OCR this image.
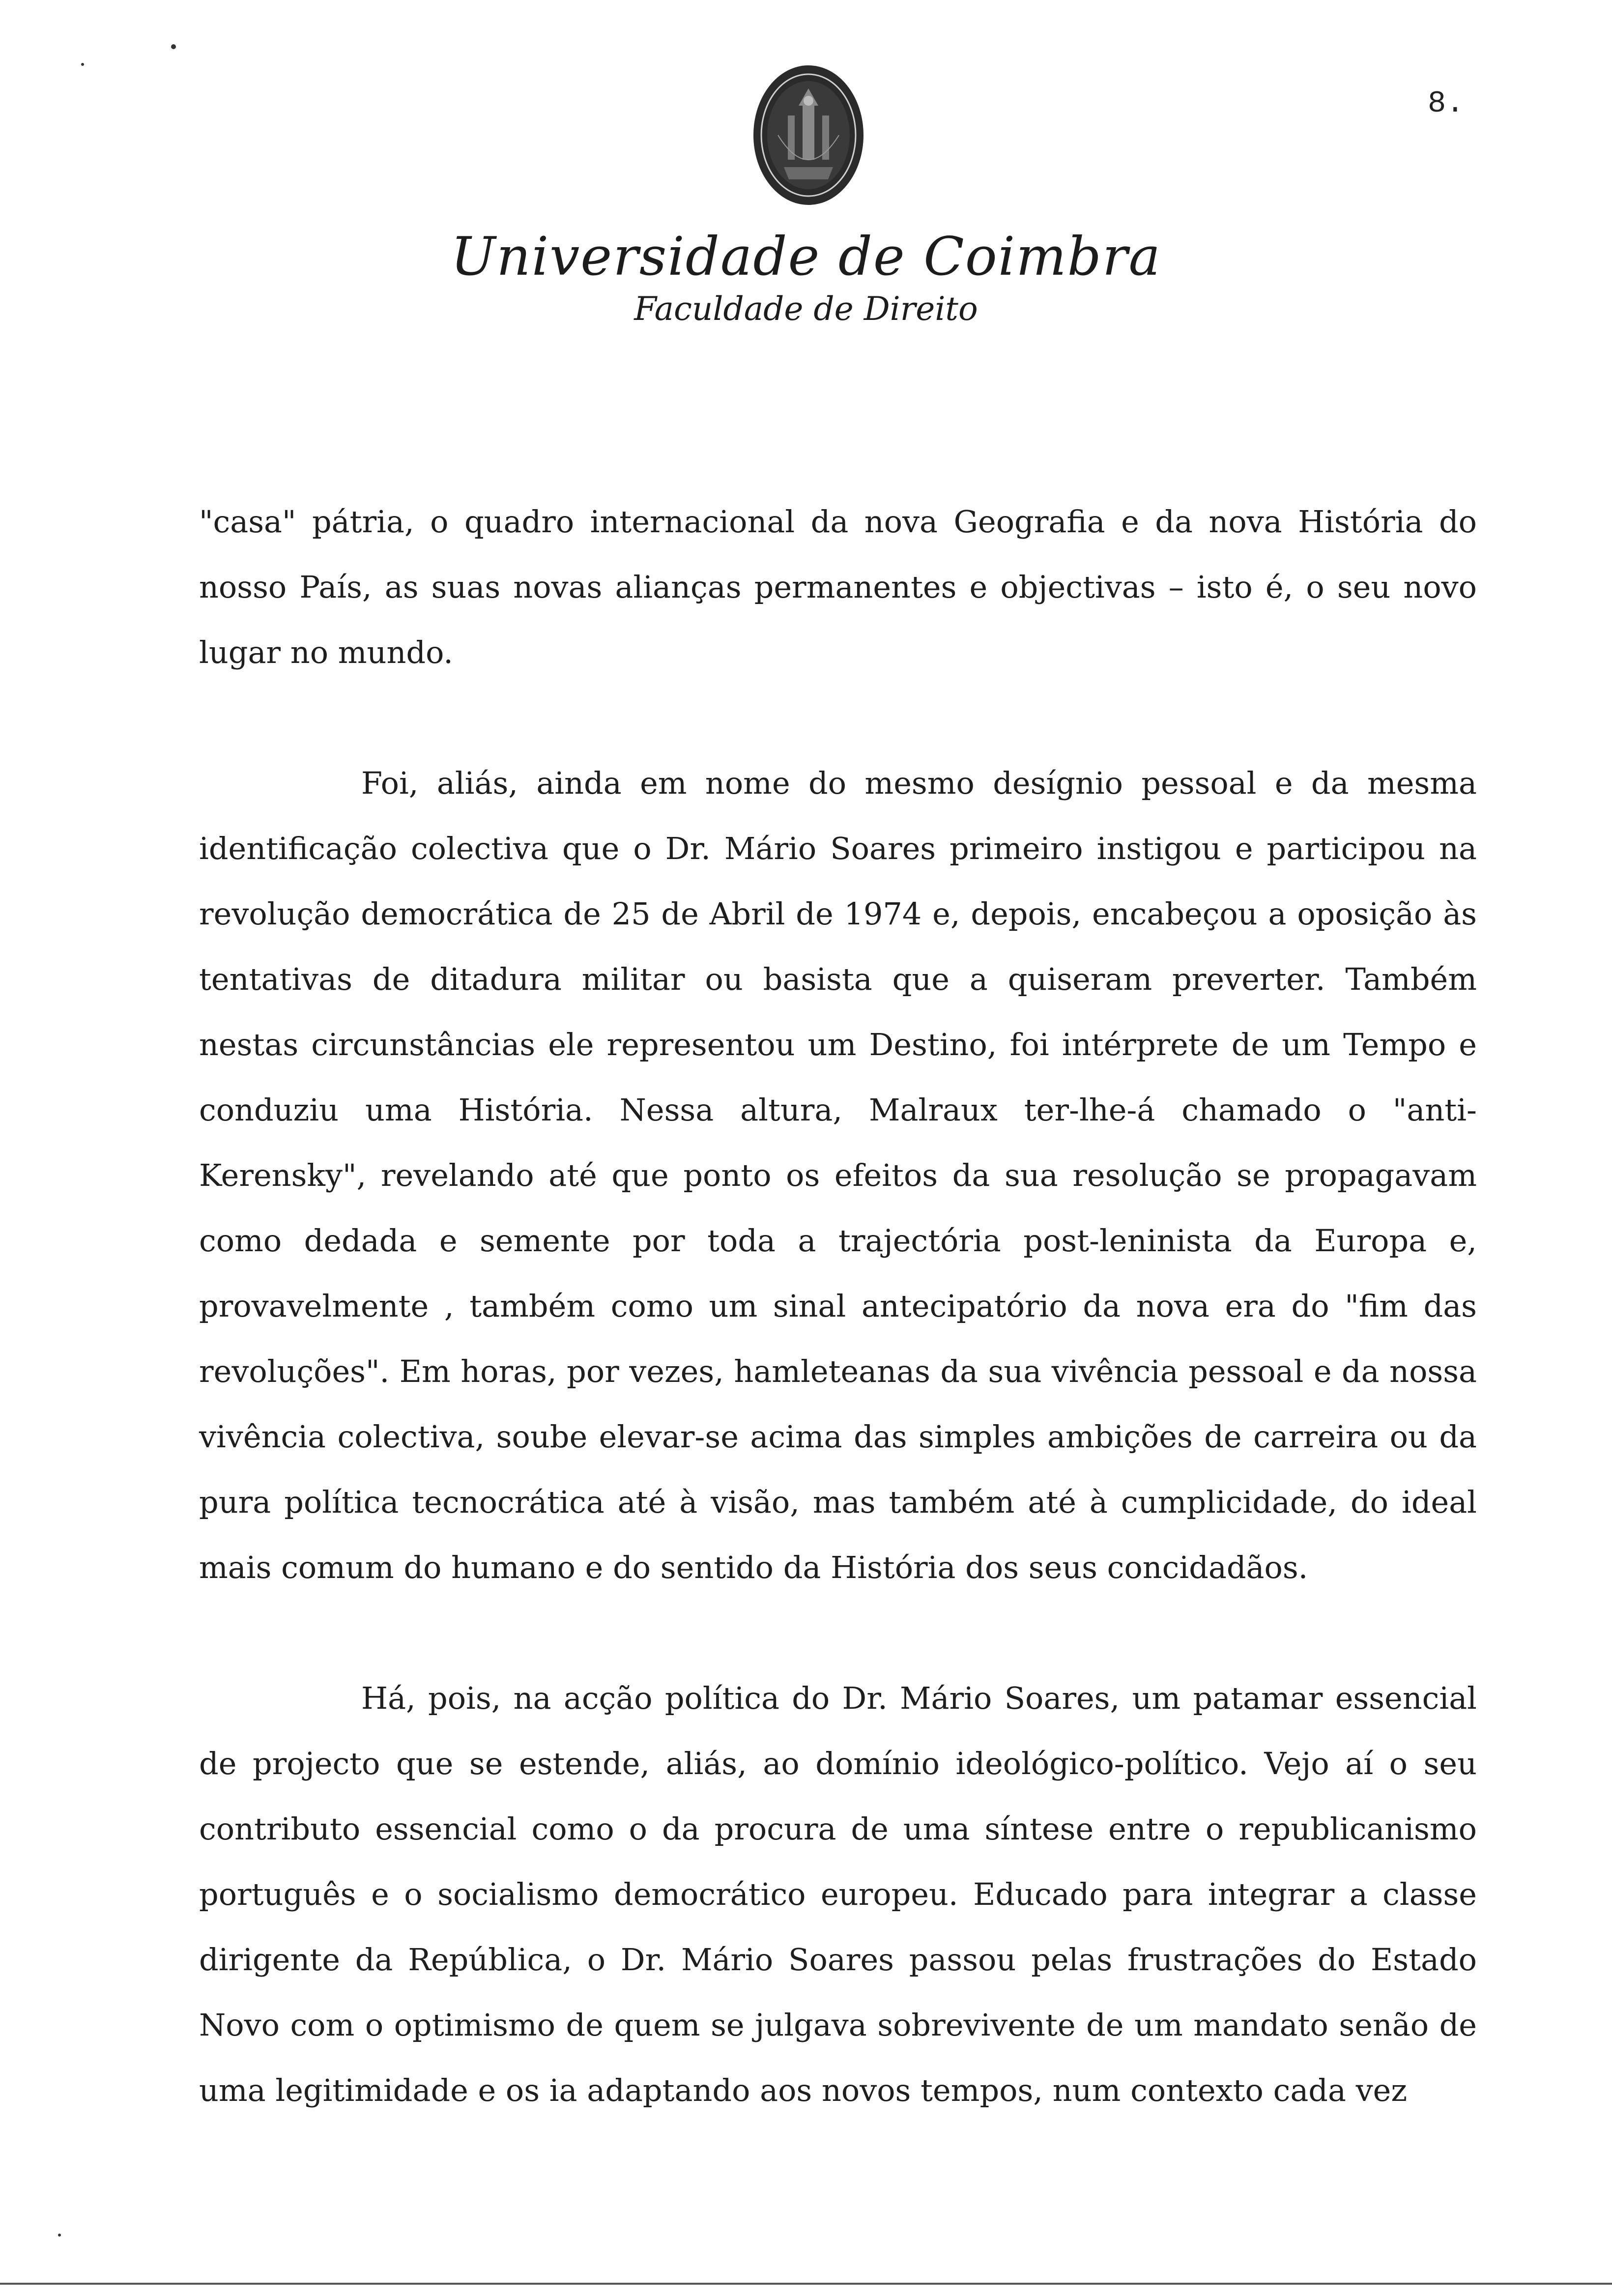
8.
Universidade de Coimbra
Faculdade de Direito

"casa" pátria, o quadro internacional da nova Geografia e da nova História do nosso País, as suas novas alianças permanentes e objectivas – isto é, o seu novo lugar no mundo.

Foi, aliás, ainda em nome do mesmo desígnio pessoal e da mesma identificação colectiva que o Dr. Mário Soares primeiro instigou e participou na revolução democrática de 25 de Abril de 1974 e, depois, encabeçou a oposição às tentativas de ditadura militar ou basista que a quiseram preverter. Também nestas circunstâncias ele representou um Destino, foi intérprete de um Tempo e conduziu uma História. Nessa altura, Malraux ter-lhe-á chamado o "anti-Kerensky", revelando até que ponto os efeitos da sua resolução se propagavam como dedada e semente por toda a trajectória post-leninista da Europa e, provavelmente , também como um sinal antecipatório da nova era do "fim das revoluções". Em horas, por vezes, hamleteanas da sua vivência pessoal e da nossa vivência colectiva, soube elevar-se acima das simples ambições de carreira ou da pura política tecnocrática até à visão, mas também até à cumplicidade, do ideal mais comum do humano e do sentido da História dos seus concidadãos.

Há, pois, na acção política do Dr. Mário Soares, um patamar essencial de projecto que se estende, aliás, ao domínio ideológico-político. Vejo aí o seu contributo essencial como o da procura de uma síntese entre o republicanismo português e o socialismo democrático europeu. Educado para integrar a classe dirigente da República, o Dr. Mário Soares passou pelas frustrações do Estado Novo com o optimismo de quem se julgava sobrevivente de um mandato senão de uma legitimidade e os ia adaptando aos novos tempos, num contexto cada vez
